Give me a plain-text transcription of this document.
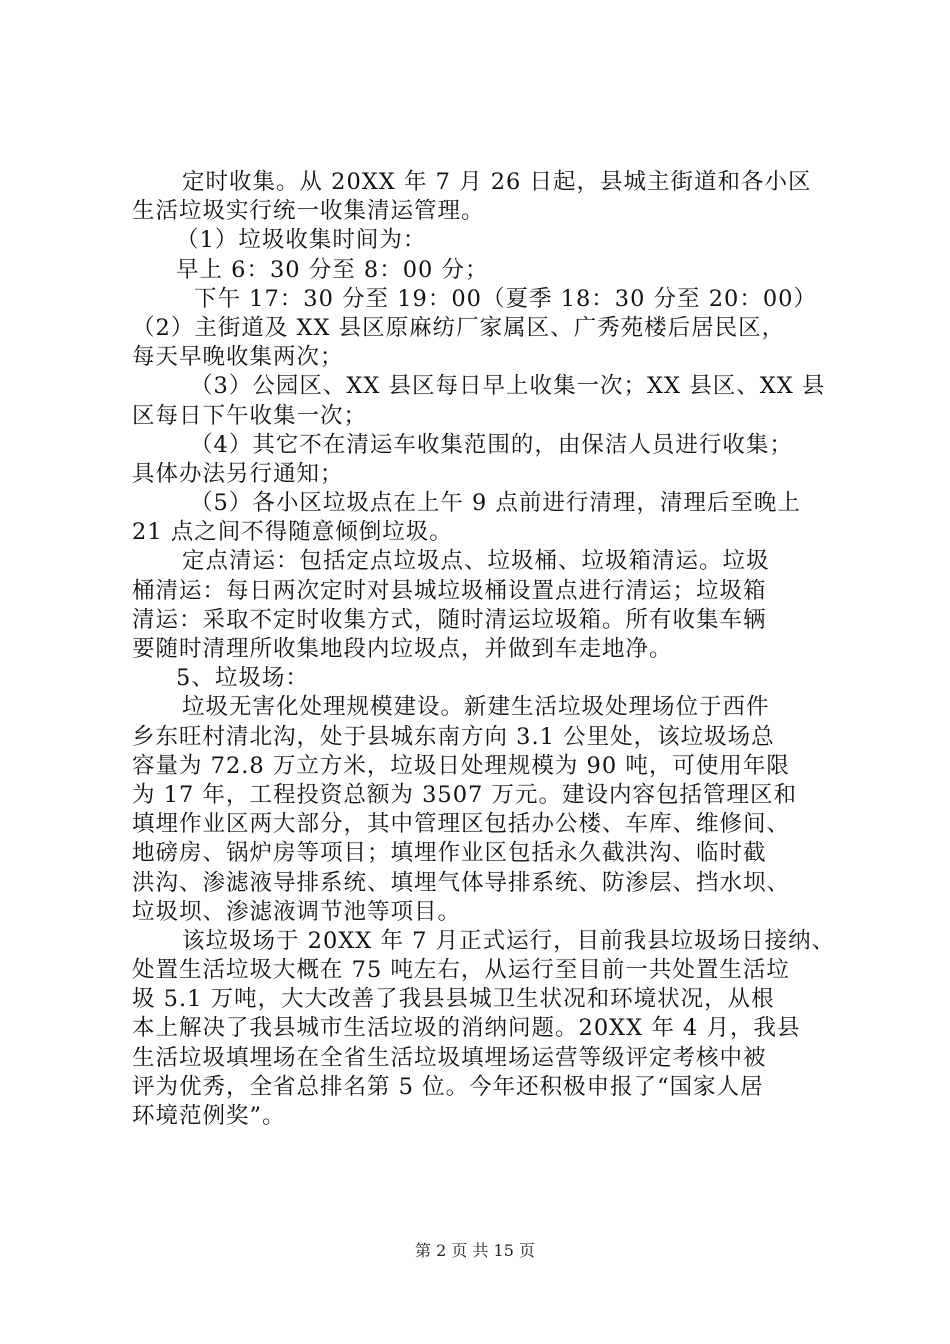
定时收集。从 20XX 年 7 月 26 日起，县城主街道和各小区
生活垃圾实行统一收集清运管理。
（1）垃圾收集时间为：
早上 6：30 分至 8：00 分；
下午 17：30 分至 19：00（夏季 18：30 分至 20：00）
（2）主街道及 XX 县区原麻纺厂家属区、广秀苑楼后居民区，
每天早晚收集两次；
（3）公园区、XX 县区每日早上收集一次；XX 县区、XX 县
区每日下午收集一次；
（4）其它不在清运车收集范围的，由保洁人员进行收集；
具体办法另行通知；
（5）各小区垃圾点在上午 9 点前进行清理，清理后至晚上
21 点之间不得随意倾倒垃圾。
定点清运：包括定点垃圾点、垃圾桶、垃圾箱清运。垃圾
桶清运：每日两次定时对县城垃圾桶设置点进行清运；垃圾箱
清运：采取不定时收集方式，随时清运垃圾箱。所有收集车辆
要随时清理所收集地段内垃圾点，并做到车走地净。
5、垃圾场：
垃圾无害化处理规模建设。新建生活垃圾处理场位于西件
乡东旺村清北沟，处于县城东南方向 3.1 公里处，该垃圾场总
容量为 72.8 万立方米，垃圾日处理规模为 90 吨，可使用年限
为 17 年，工程投资总额为 3507 万元。建设内容包括管理区和
填埋作业区两大部分，其中管理区包括办公楼、车库、维修间、
地磅房、锅炉房等项目；填埋作业区包括永久截洪沟、临时截
洪沟、渗滤液导排系统、填埋气体导排系统、防渗层、挡水坝、
垃圾坝、渗滤液调节池等项目。
该垃圾场于 20XX 年 7 月正式运行，目前我县垃圾场日接纳、
处置生活垃圾大概在 75 吨左右，从运行至目前一共处置生活垃
圾 5.1 万吨，大大改善了我县县城卫生状况和环境状况，从根
本上解决了我县城市生活垃圾的消纳问题。20XX 年 4 月，我县
生活垃圾填埋场在全省生活垃圾填埋场运营等级评定考核中被
评为优秀，全省总排名第 5 位。今年还积极申报了“国家人居
环境范例奖”。
第 2 页 共 15 页
